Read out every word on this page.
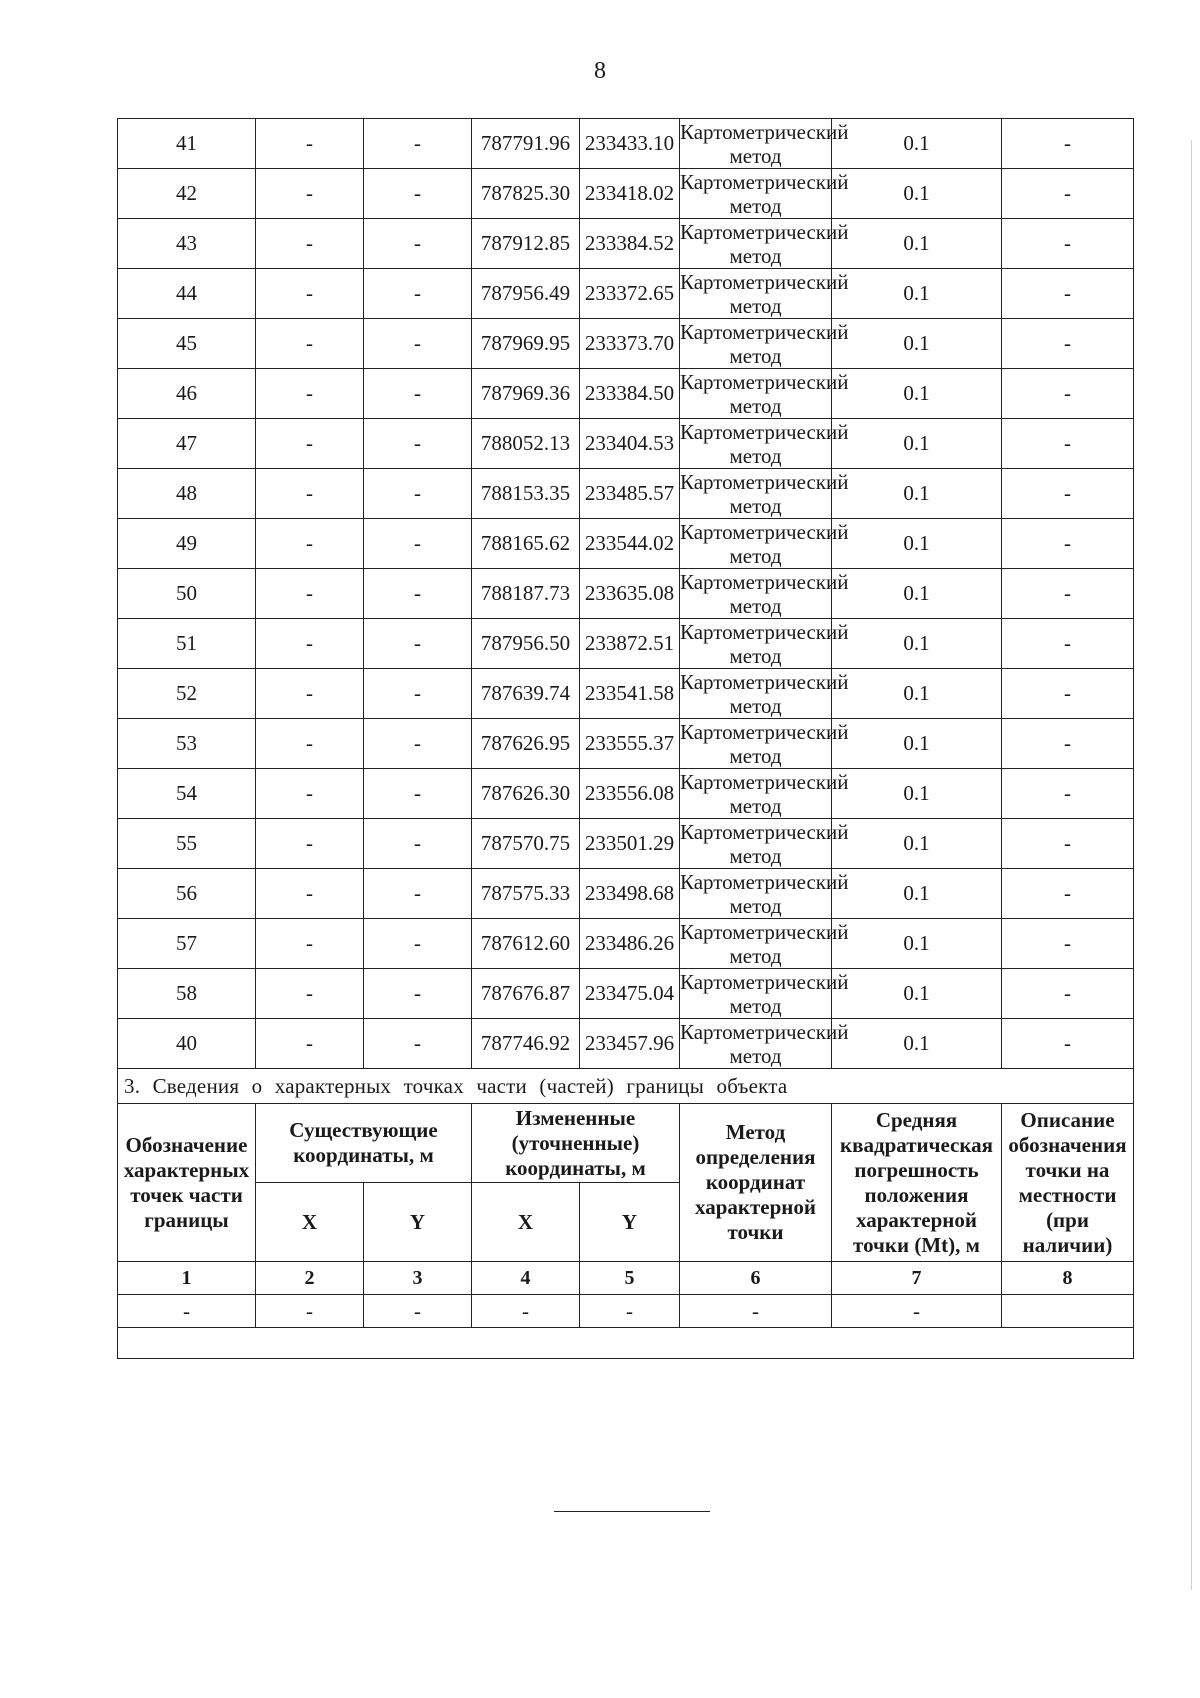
8
41	-	-	787791.96	233433.10	Картометрический метод	0.1	-
42	-	-	787825.30	233418.02	Картометрический метод	0.1	-
43	-	-	787912.85	233384.52	Картометрический метод	0.1	-
44	-	-	787956.49	233372.65	Картометрический метод	0.1	-
45	-	-	787969.95	233373.70	Картометрический метод	0.1	-
46	-	-	787969.36	233384.50	Картометрический метод	0.1	-
47	-	-	788052.13	233404.53	Картометрический метод	0.1	-
48	-	-	788153.35	233485.57	Картометрический метод	0.1	-
49	-	-	788165.62	233544.02	Картометрический метод	0.1	-
50	-	-	788187.73	233635.08	Картометрический метод	0.1	-
51	-	-	787956.50	233872.51	Картометрический метод	0.1	-
52	-	-	787639.74	233541.58	Картометрический метод	0.1	-
53	-	-	787626.95	233555.37	Картометрический метод	0.1	-
54	-	-	787626.30	233556.08	Картометрический метод	0.1	-
55	-	-	787570.75	233501.29	Картометрический метод	0.1	-
56	-	-	787575.33	233498.68	Картометрический метод	0.1	-
57	-	-	787612.60	233486.26	Картометрический метод	0.1	-
58	-	-	787676.87	233475.04	Картометрический метод	0.1	-
40	-	-	787746.92	233457.96	Картометрический метод	0.1	-
3. Сведения о характерных точках части (частей) границы объекта							
Обозначение характерных точек части границы	Существующие координаты, м		Измененные (уточненные) координаты, м		Метод определения координат характерной точки	Средняя квадратическая погрешность положения характерной точки (Mt), м	Описание обозначения точки на местности (при наличии)
	X	Y	X	Y			
1	2	3	4	5	6	7	8
-	-	-	-	-	-	-	
